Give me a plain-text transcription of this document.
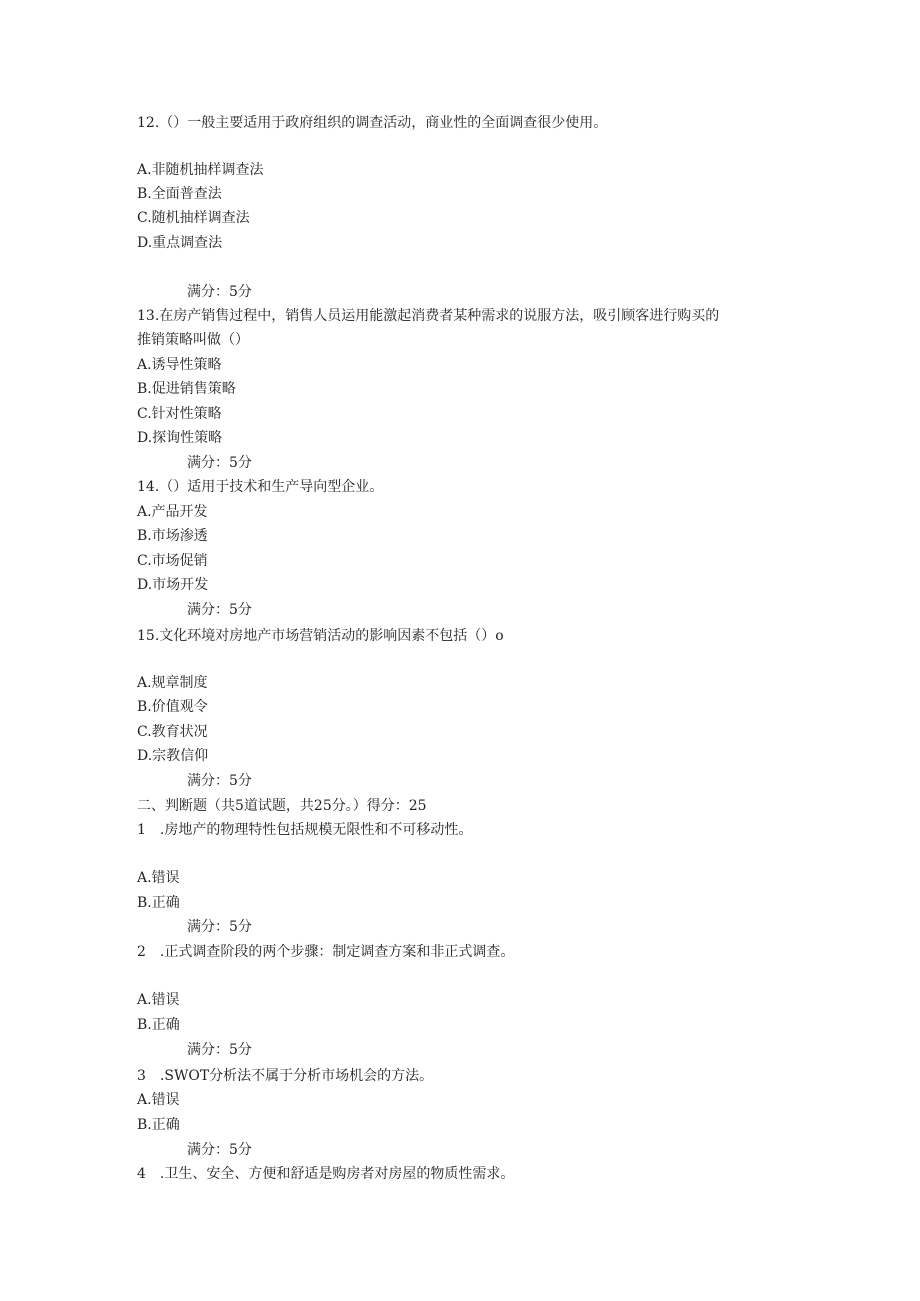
12.（）一般主要适用于政府组织的调查活动，商业性的全面调查很少使用。
A.非随机抽样调查法
B.全面普查法
C.随机抽样调查法
D.重点调查法
满分：5分
13.在房产销售过程中，销售人员运用能激起消费者某种需求的说服方法，吸引顾客进行购买的
推销策略叫做（）
A.诱导性策略
B.促进销售策略
C.针对性策略
D.探询性策略
满分：5分
14.（）适用于技术和生产导向型企业。
A.产品开发
B.市场渗透
C.市场促销
D.市场开发
满分：5分
15.文化环境对房地产市场营销活动的影响因素不包括（）o
A.规章制度
B.价值观令
C.教育状况
D.宗教信仰
满分：5分
二、判断题（共5道试题，共25分。）得分：25
1　.房地产的物理特性包括规模无限性和不可移动性。
A.错误
B.正确
满分：5分
2　.正式调查阶段的两个步骤：制定调查方案和非正式调查。
A.错误
B.正确
满分：5分
3　.SWOT分析法不属于分析市场机会的方法。
A.错误
B.正确
满分：5分
4　.卫生、安全、方便和舒适是购房者对房屋的物质性需求。
